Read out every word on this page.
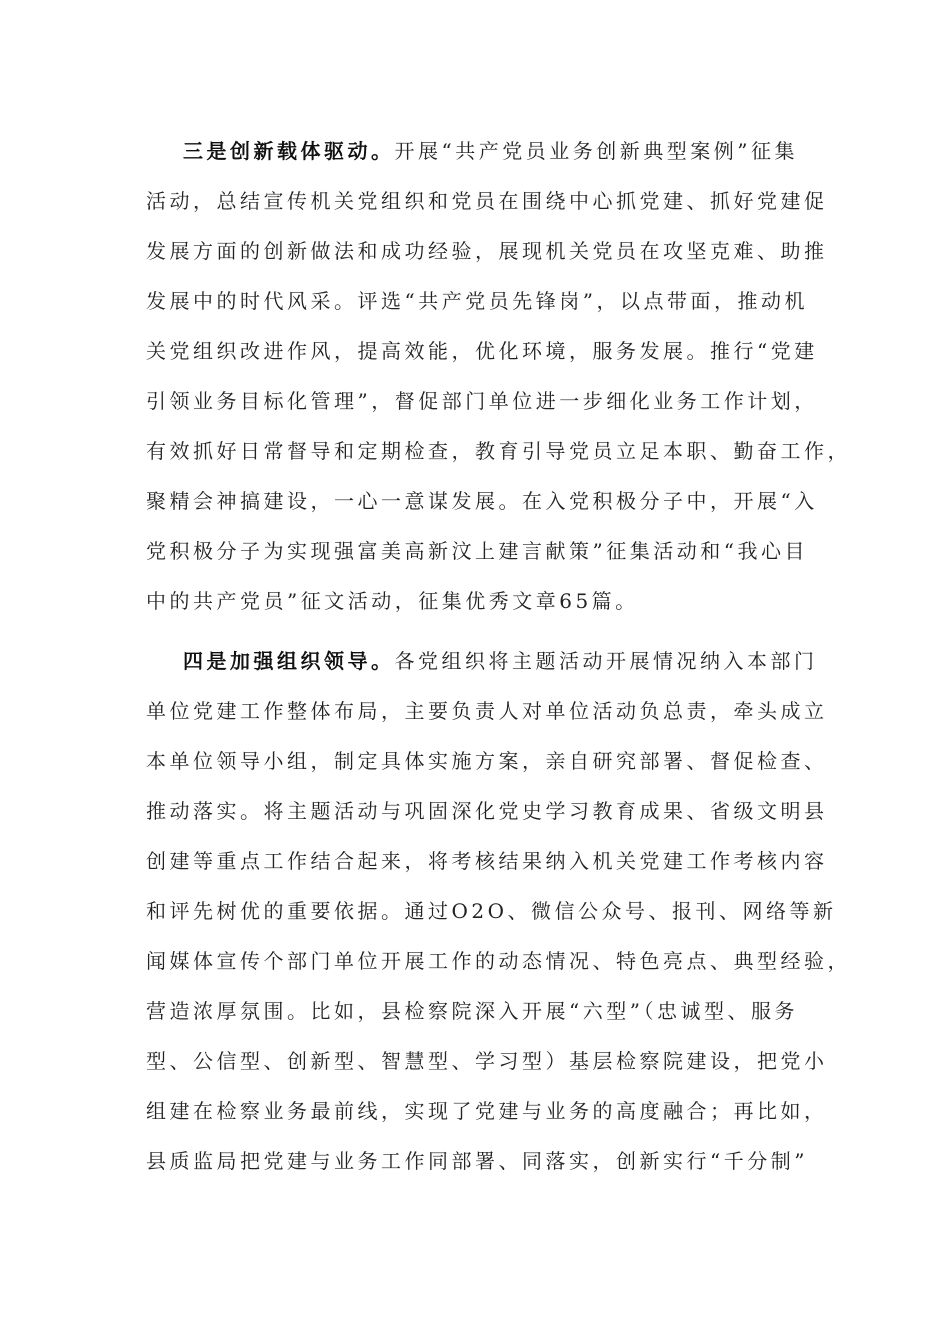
三是创新载体驱动。开展“共产党员业务创新典型案例”征集
活动，总结宣传机关党组织和党员在围绕中心抓党建、抓好党建促
发展方面的创新做法和成功经验，展现机关党员在攻坚克难、助推
发展中的时代风采。评选“共产党员先锋岗”，以点带面，推动机
关党组织改进作风，提高效能，优化环境，服务发展。推行“党建
引领业务目标化管理”，督促部门单位进一步细化业务工作计划，
有效抓好日常督导和定期检查，教育引导党员立足本职、勤奋工作，
聚精会神搞建设，一心一意谋发展。在入党积极分子中，开展“入
党积极分子为实现强富美高新汶上建言献策”征集活动和“我心目
中的共产党员”征文活动，征集优秀文章65篇。
四是加强组织领导。各党组织将主题活动开展情况纳入本部门
单位党建工作整体布局，主要负责人对单位活动负总责，牵头成立
本单位领导小组，制定具体实施方案，亲自研究部署、督促检查、
推动落实。将主题活动与巩固深化党史学习教育成果、省级文明县
创建等重点工作结合起来，将考核结果纳入机关党建工作考核内容
和评先树优的重要依据。通过O2O、微信公众号、报刊、网络等新
闻媒体宣传个部门单位开展工作的动态情况、特色亮点、典型经验，
营造浓厚氛围。比如，县检察院深入开展“六型”（忠诚型、服务
型、公信型、创新型、智慧型、学习型）基层检察院建设，把党小
组建在检察业务最前线，实现了党建与业务的高度融合；再比如，
县质监局把党建与业务工作同部署、同落实，创新实行“千分制”
